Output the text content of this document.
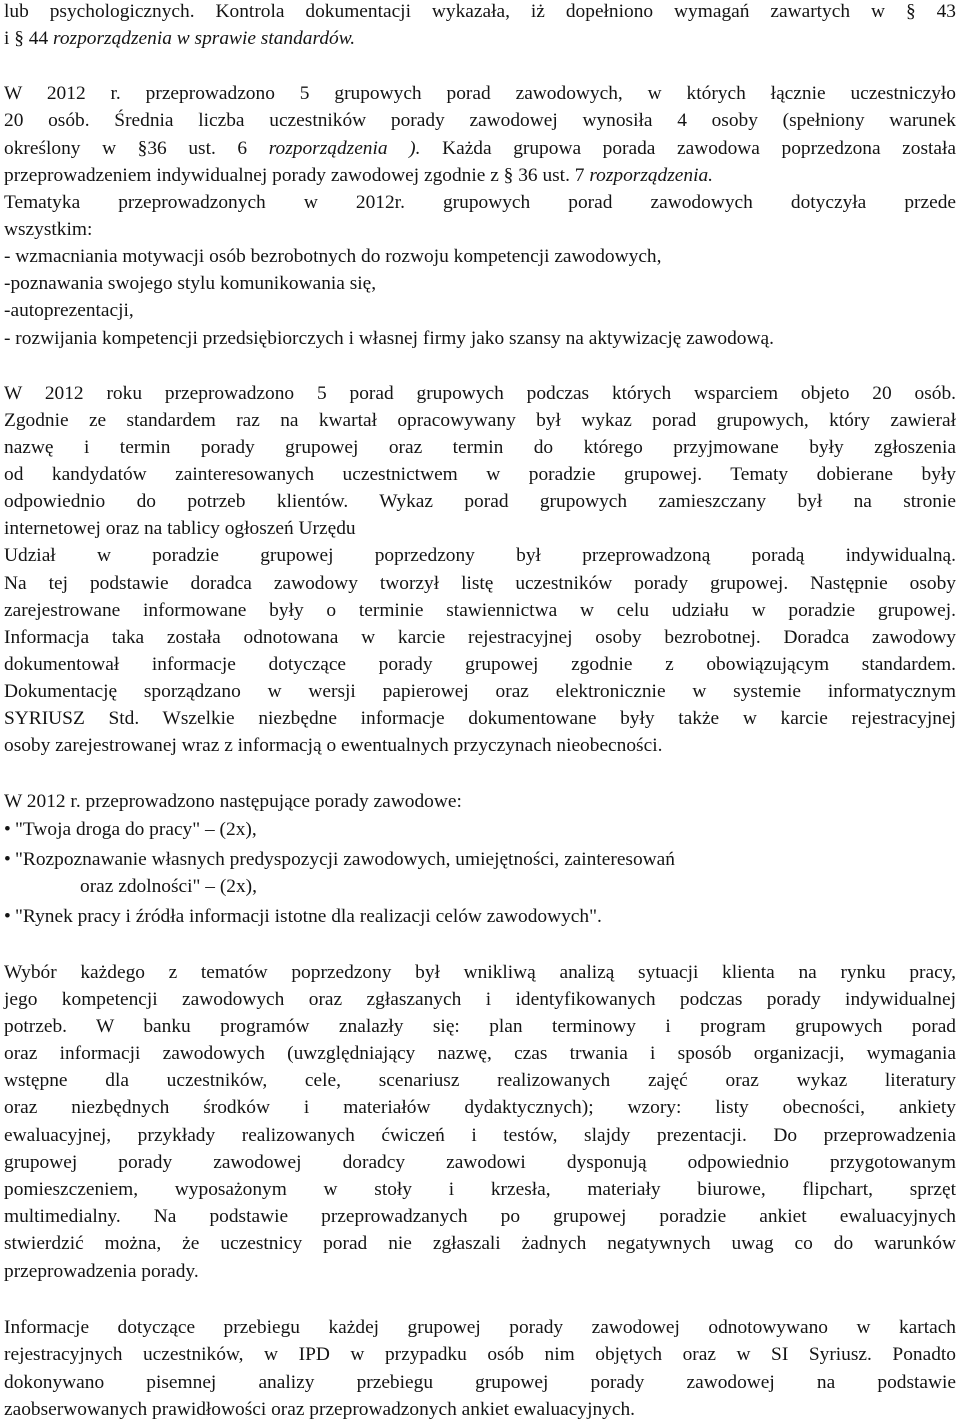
lub psychologicznych. Kontrola dokumentacji wykazała, iż dopełniono wymagań zawartych w § 43
i § 44 rozporządzenia w sprawie standardów.
W 2012 r. przeprowadzono 5 grupowych porad zawodowych, w których łącznie uczestniczyło
20 osób. Średnia liczba uczestników porady zawodowej wynosiła 4 osoby (spełniony warunek
określony w §36 ust. 6 rozporządzenia ). Każda grupowa porada zawodowa poprzedzona została
przeprowadzeniem indywidualnej porady zawodowej zgodnie z § 36 ust. 7 rozporządzenia.
Tematyka przeprowadzonych w 2012r. grupowych porad zawodowych dotyczyła przede
wszystkim:
- wzmacniania motywacji osób bezrobotnych do rozwoju kompetencji zawodowych,
-poznawania swojego stylu komunikowania się,
-autoprezentacji,
- rozwijania kompetencji przedsiębiorczych i własnej firmy jako szansy na aktywizację zawodową.
W 2012 roku przeprowadzono 5 porad grupowych podczas których wsparciem objeto 20 osób.
Zgodnie ze standardem raz na kwartał opracowywany był wykaz porad grupowych, który zawierał
nazwę i termin porady grupowej oraz termin do którego przyjmowane były zgłoszenia
od kandydatów zainteresowanych uczestnictwem w poradzie grupowej. Tematy dobierane były
odpowiednio do potrzeb klientów. Wykaz porad grupowych zamieszczany był na stronie
internetowej oraz na tablicy ogłoszeń Urzędu
Udział w poradzie grupowej poprzedzony był przeprowadzoną poradą indywidualną.
Na tej podstawie doradca zawodowy tworzył listę uczestników porady grupowej. Następnie osoby
zarejestrowane informowane były o terminie stawiennictwa w celu udziału w poradzie grupowej.
Informacja taka została odnotowana w karcie rejestracyjnej osoby bezrobotnej. Doradca zawodowy
dokumentował informacje dotyczące porady grupowej zgodnie z obowiązującym standardem.
Dokumentację sporządzano w wersji papierowej oraz elektronicznie w systemie informatycznym
SYRIUSZ Std. Wszelkie niezbędne informacje dokumentowane były także w karcie rejestracyjnej
osoby zarejestrowanej wraz z informacją o ewentualnych przyczynach nieobecności.
W 2012 r. przeprowadzono następujące porady zawodowe:
• "Twoja droga do pracy" – (2x),
• "Rozpoznawanie własnych predyspozycji zawodowych, umiejętności, zainteresowań
oraz zdolności" – (2x),
• "Rynek pracy i źródła informacji istotne dla realizacji celów zawodowych".
Wybór każdego z tematów poprzedzony był wnikliwą analizą sytuacji klienta na rynku pracy,
jego kompetencji zawodowych oraz zgłaszanych i identyfikowanych podczas porady indywidualnej
potrzeb. W banku programów znalazły się: plan terminowy i program grupowych porad
oraz informacji zawodowych (uwzględniający nazwę, czas trwania i sposób organizacji, wymagania
wstępne dla uczestników, cele, scenariusz realizowanych zajęć oraz wykaz literatury
oraz niezbędnych środków i materiałów dydaktycznych); wzory: listy obecności, ankiety
ewaluacyjnej, przykłady realizowanych ćwiczeń i testów, slajdy prezentacji. Do przeprowadzenia
grupowej porady zawodowej doradcy zawodowi dysponują odpowiednio przygotowanym
pomieszczeniem, wyposażonym w stoły i krzesła, materiały biurowe, flipchart, sprzęt
multimedialny. Na podstawie przeprowadzanych po grupowej poradzie ankiet ewaluacyjnych
stwierdzić można, że uczestnicy porad nie zgłaszali żadnych negatywnych uwag co do warunków
przeprowadzenia porady.
Informacje dotyczące przebiegu każdej grupowej porady zawodowej odnotowywano w kartach
rejestracyjnych uczestników, w IPD w przypadku osób nim objętych oraz w SI Syriusz. Ponadto
dokonywano pisemnej analizy przebiegu grupowej porady zawodowej na podstawie
zaobserwowanych prawidłowości oraz przeprowadzonych ankiet ewaluacyjnych.
